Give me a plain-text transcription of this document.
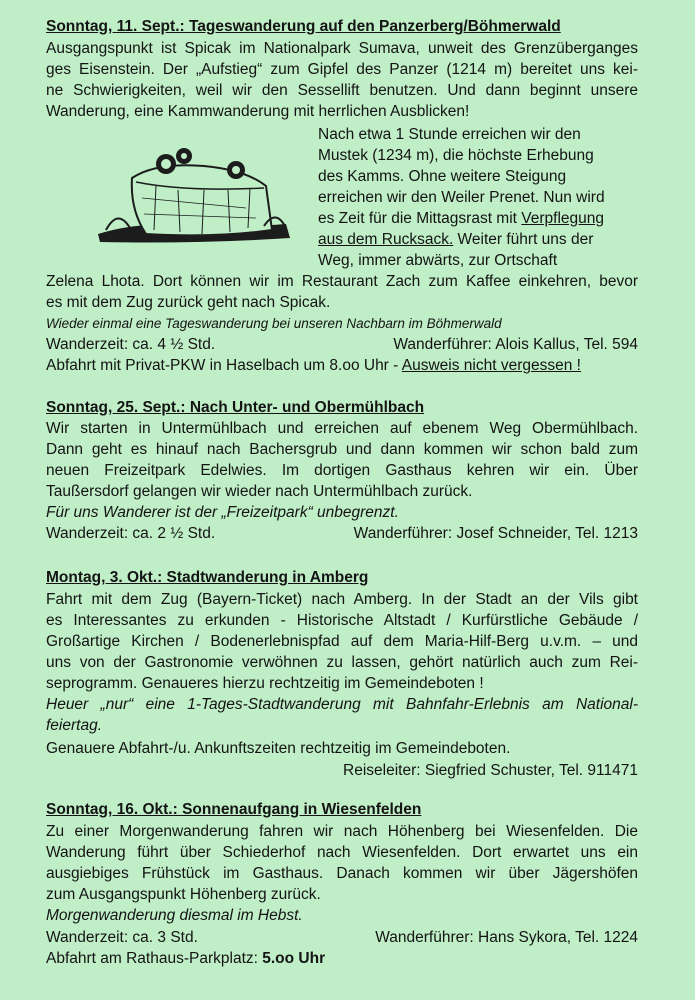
Sonntag, 11. Sept.: Tageswanderung auf den Panzerberg/Böhmerwald
Ausgangspunkt ist Spicak im Nationalpark Sumava, unweit des Grenzüberganges
ges Eisenstein. Der „Aufstieg“ zum Gipfel des Panzer (1214 m) bereitet uns kei-
ne Schwierigkeiten, weil wir den Sessellift benutzen. Und dann beginnt unsere
Wanderung, eine Kammwanderung mit herrlichen Ausblicken!
Nach etwa 1 Stunde erreichen wir den
Mustek (1234 m), die höchste Erhebung
des Kamms. Ohne weitere Steigung
erreichen wir den Weiler Prenet. Nun wird
es Zeit für die Mittagsrast mit Verpflegung
aus dem Rucksack. Weiter führt uns der
Weg, immer abwärts, zur Ortschaft
Zelena Lhota. Dort können wir im Restaurant Zach zum Kaffee einkehren, bevor
es mit dem Zug zurück geht nach Spicak.
Wieder einmal eine Tageswanderung bei unseren Nachbarn im Böhmerwald
Wanderzeit: ca. 4 ½ Std.	Wanderführer: Alois Kallus, Tel. 594
Abfahrt mit Privat-PKW in Haselbach um 8.oo Uhr - Ausweis nicht vergessen !
Sonntag, 25. Sept.: Nach Unter- und Obermühlbach
Wir starten in Untermühlbach und erreichen auf ebenem Weg Obermühlbach.
Dann geht es hinauf nach Bachersgrub und dann kommen wir schon bald zum
neuen Freizeitpark Edelwies. Im dortigen Gasthaus kehren wir ein. Über
Taußersdorf gelangen wir wieder nach Untermühlbach zurück.
Für uns Wanderer ist der „Freizeitpark“ unbegrenzt.
Wanderzeit: ca. 2 ½ Std.	Wanderführer: Josef Schneider, Tel. 1213
Montag, 3. Okt.: Stadtwanderung in Amberg
Fahrt mit dem Zug (Bayern-Ticket) nach Amberg. In der Stadt an der Vils gibt
es Interessantes zu erkunden - Historische Altstadt / Kurfürstliche Gebäude /
Großartige Kirchen / Bodenerlebnispfad auf dem Maria-Hilf-Berg u.v.m. – und
uns von der Gastronomie verwöhnen zu lassen, gehört natürlich auch zum Rei-
seprogramm. Genaueres hierzu rechtzeitig im Gemeindeboten !
Heuer „nur“ eine 1-Tages-Stadtwanderung mit Bahnfahr-Erlebnis am National-
feiertag.
Genauere Abfahrt-/u. Ankunftszeiten rechtzeitig im Gemeindeboten.
Reiseleiter: Siegfried Schuster, Tel. 911471
Sonntag, 16. Okt.: Sonnenaufgang in Wiesenfelden
Zu einer Morgenwanderung fahren wir nach Höhenberg bei Wiesenfelden. Die
Wanderung führt über Schiederhof nach Wiesenfelden. Dort erwartet uns ein
ausgiebiges Frühstück im Gasthaus. Danach kommen wir über Jägershöfen
zum Ausgangspunkt Höhenberg zurück.
Morgenwanderung diesmal im Hebst.
Wanderzeit: ca. 3 Std.	Wanderführer: Hans Sykora, Tel. 1224
Abfahrt am Rathaus-Parkplatz: 5.oo Uhr
